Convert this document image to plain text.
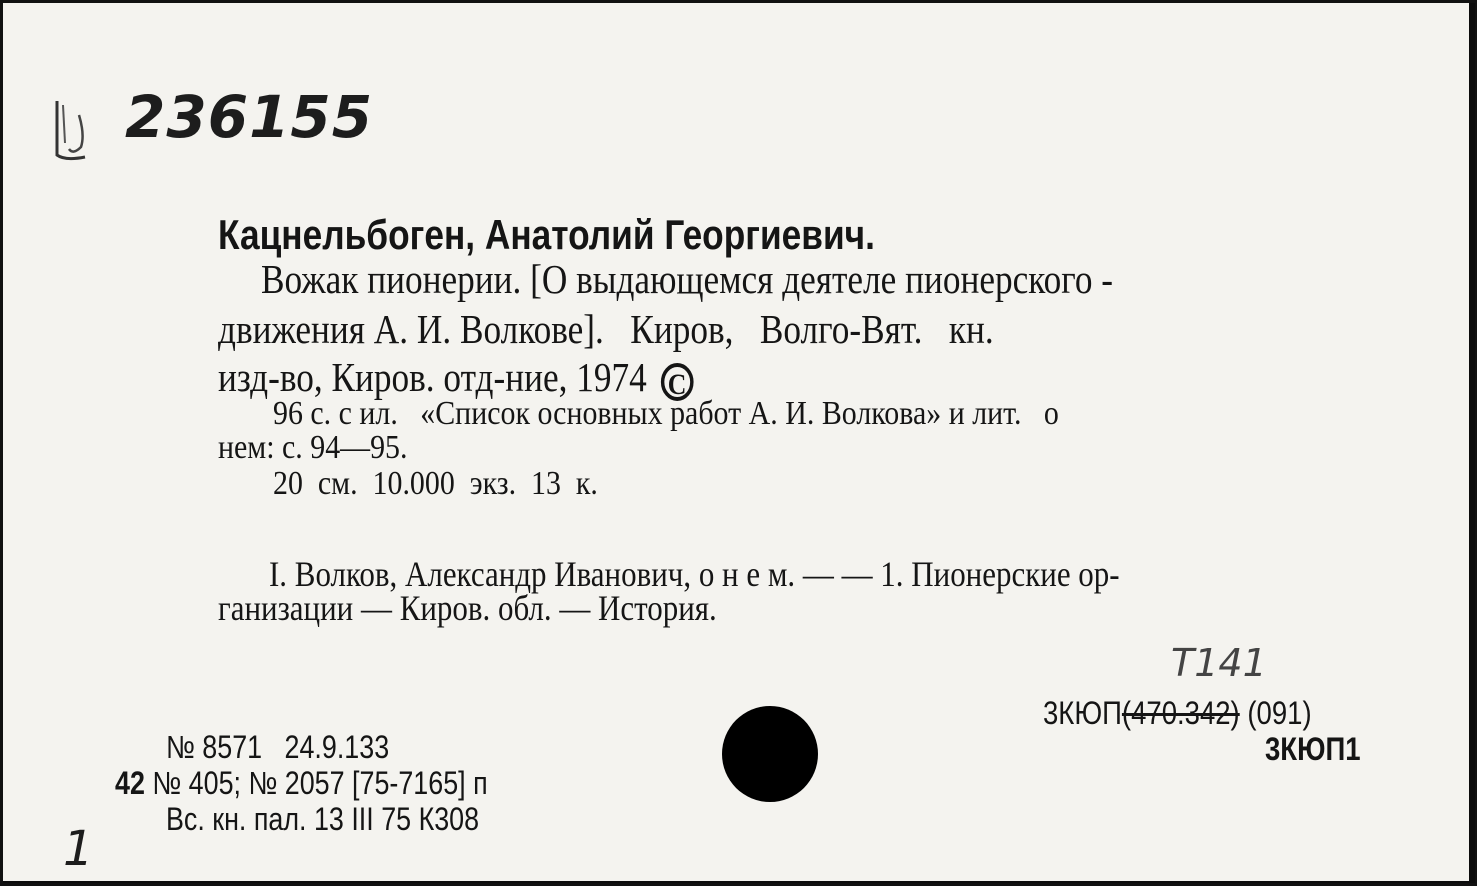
236155
Кацнельбоген, Анатолий Георгиевич.
Вожак пионерии. [О выдающемся деятеле пионерского -
движения А. И. Волкове].   Киров,   Волго-Вят.   кн.
изд-во, Киров. отд-ние, 1974 C
96 с. с ил.   «Список основных работ А. И. Волкова» и лит.   о
нем: с. 94—95.
20  см.  10.000  экз.  13  к.
I. Волков, Александр Иванович, о н е м. — — 1. Пионерские ор-
ганизации — Киров. обл. — История.
Т141
3КЮП(470.342) (091)
3КЮП1
№ 8571   24.9.133
42 № 405; № 2057 [75-7165] п
Вс. кн. пал. 13 III 75 К308
1
